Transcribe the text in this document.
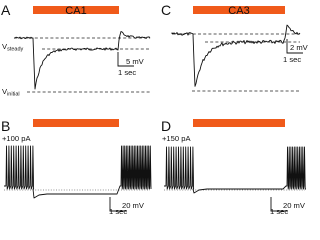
A	CA1
$V_{steady}$
$V_{initial}$
5 mV
1 sec
C	CA3
2 mV
1 sec
B
+100 pA
20 mV
1 sec
D
+150 pA
20 mV
1 sec
